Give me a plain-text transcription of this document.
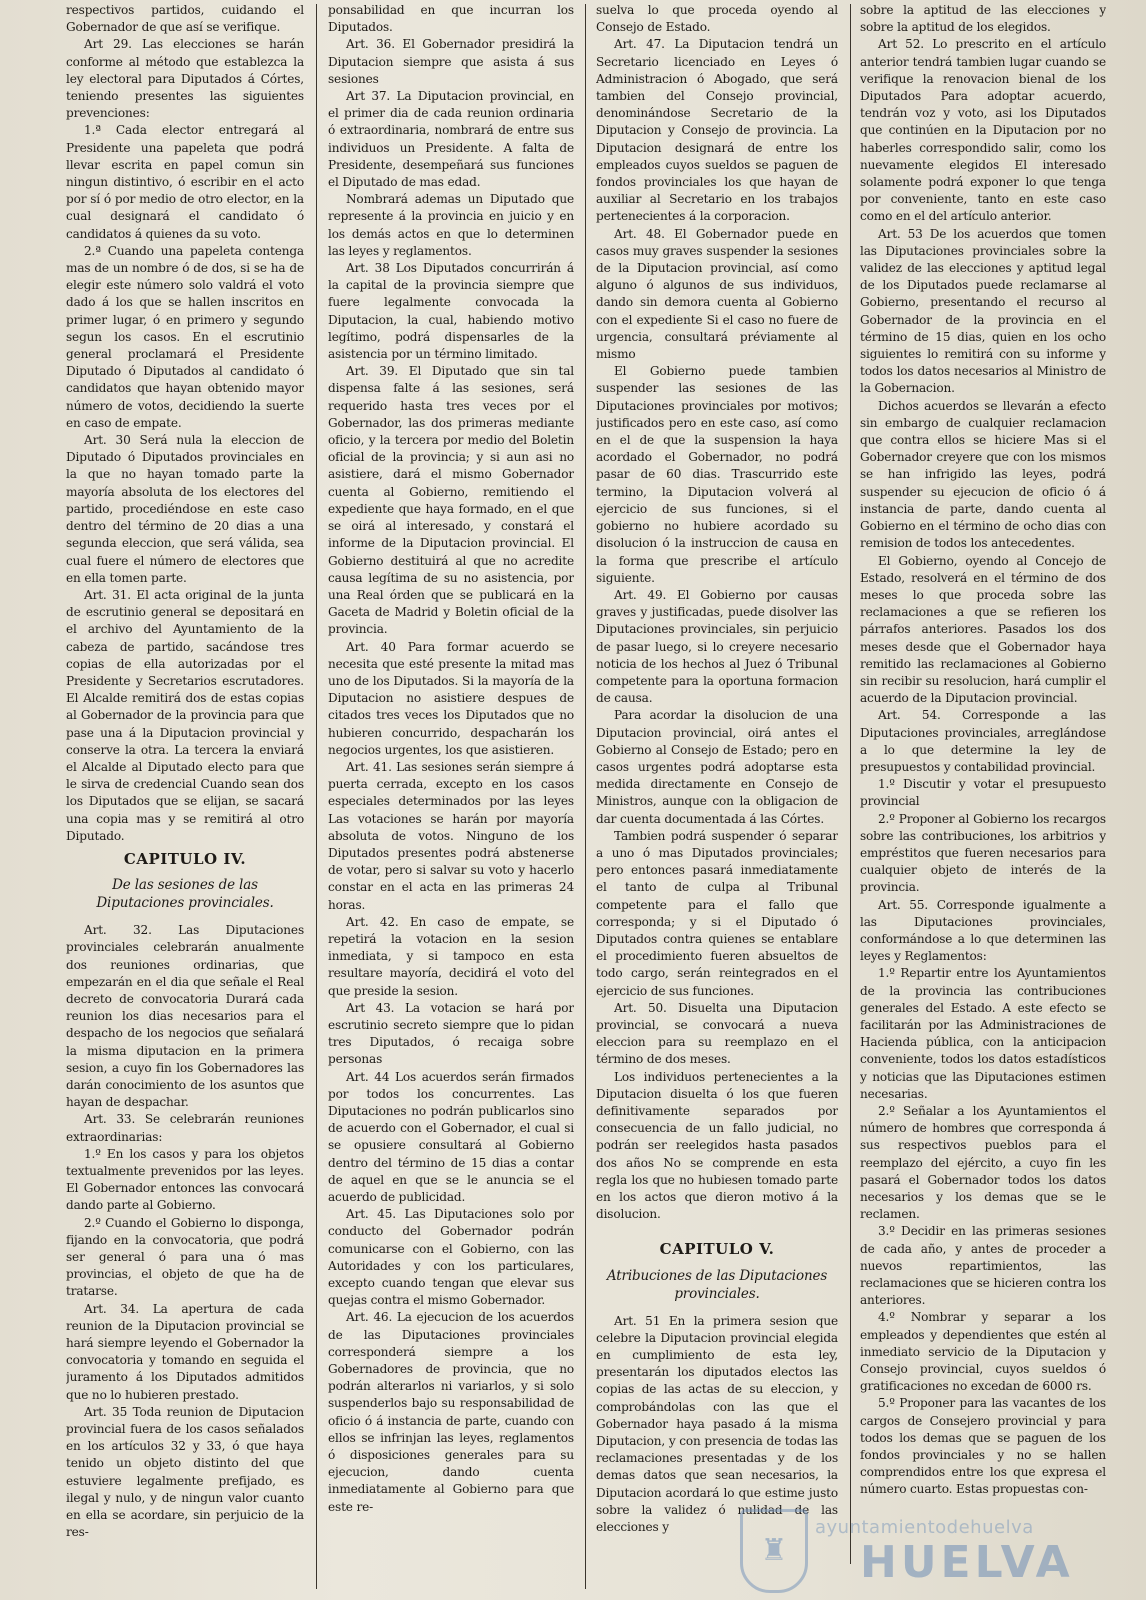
respectivos partidos, cuidando el Gobernador de que así se verifique.

Art 29. Las elecciones se harán conforme al método que establezca la ley electoral para Diputados á Córtes, teniendo presentes las siguientes prevenciones:

1.ª Cada elector entregará al Presidente una papeleta que podrá llevar escrita en papel comun sin ningun distintivo, ó escribir en el acto por sí ó por medio de otro elector, en la cual designará el candidato ó candidatos á quienes da su voto.

2.ª Cuando una papeleta contenga mas de un nombre ó de dos, si se ha de elegir este número solo valdrá el voto dado á los que se hallen inscritos en primer lugar, ó en primero y segundo segun los casos. En el escrutinio general proclamará el Presidente Diputado ó Diputados al candidato ó candidatos que hayan obtenido mayor número de votos, decidiendo la suerte en caso de empate.

Art. 30 Será nula la eleccion de Diputado ó Diputados provinciales en la que no hayan tomado parte la mayoría absoluta de los electores del partido, procediéndose en este caso dentro del término de 20 dias a una segunda eleccion, que será válida, sea cual fuere el número de electores que en ella tomen parte.

Art. 31. El acta original de la junta de escrutinio general se depositará en el archivo del Ayuntamiento de la cabeza de partido, sacándose tres copias de ella autorizadas por el Presidente y Secretarios escrutadores. El Alcalde remitirá dos de estas copias al Gobernador de la provincia para que pase una á la Diputacion provincial y conserve la otra. La tercera la enviará el Alcalde al Diputado electo para que le sirva de credencial Cuando sean dos los Diputados que se elijan, se sacará una copia mas y se remitirá al otro Diputado.

CAPITULO IV.
De las sesiones de las Diputaciones provinciales.

Art. 32. Las Diputaciones provinciales celebrarán anualmente dos reuniones ordinarias, que empezarán en el dia que señale el Real decreto de convocatoria Durará cada reunion los dias necesarios para el despacho de los negocios que señalará la misma diputacion en la primera sesion, a cuyo fin los Gobernadores las darán conocimiento de los asuntos que hayan de despachar.

Art. 33. Se celebrarán reuniones extraordinarias:

1.º En los casos y para los objetos textualmente prevenidos por las leyes. El Gobernador entonces las convocará dando parte al Gobierno.

2.º Cuando el Gobierno lo disponga, fijando en la convocatoria, que podrá ser general ó para una ó mas provincias, el objeto de que ha de tratarse.

Art. 34. La apertura de cada reunion de la Diputacion provincial se hará siempre leyendo el Gobernador la convocatoria y tomando en seguida el juramento á los Diputados admitidos que no lo hubieren prestado.

Art. 35 Toda reunion de Diputacion provincial fuera de los casos señalados en los artículos 32 y 33, ó que haya tenido un objeto distinto del que estuviere legalmente prefijado, es ilegal y nulo, y de ningun valor cuanto en ella se acordare, sin perjuicio de la res-

ponsabilidad en que incurran los Diputados.

Art. 36. El Gobernador presidirá la Diputacion siempre que asista á sus sesiones

Art 37. La Diputacion provincial, en el primer dia de cada reunion ordinaria ó extraordinaria, nombrará de entre sus individuos un Presidente. A falta de Presidente, desempeñará sus funciones el Diputado de mas edad.

Nombrará ademas un Diputado que represente á la provincia en juicio y en los demás actos en que lo determinen las leyes y reglamentos.

Art. 38 Los Diputados concurrirán á la capital de la provincia siempre que fuere legalmente convocada la Diputacion, la cual, habiendo motivo legítimo, podrá dispensarles de la asistencia por un término limitado.

Art. 39. El Diputado que sin tal dispensa falte á las sesiones, será requerido hasta tres veces por el Gobernador, las dos primeras mediante oficio, y la tercera por medio del Boletin oficial de la provincia; y si aun asi no asistiere, dará el mismo Gobernador cuenta al Gobierno, remitiendo el expediente que haya formado, en el que se oirá al interesado, y constará el informe de la Diputacion provincial. El Gobierno destituirá al que no acredite causa legítima de su no asistencia, por una Real órden que se publicará en la Gaceta de Madrid y Boletin oficial de la provincia.

Art. 40 Para formar acuerdo se necesita que esté presente la mitad mas uno de los Diputados. Si la mayoría de la Diputacion no asistiere despues de citados tres veces los Diputados que no hubieren concurrido, despacharán los negocios urgentes, los que asistieren.

Art. 41. Las sesiones serán siempre á puerta cerrada, excepto en los casos especiales determinados por las leyes Las votaciones se harán por mayoría absoluta de votos. Ninguno de los Diputados presentes podrá abstenerse de votar, pero si salvar su voto y hacerlo constar en el acta en las primeras 24 horas.

Art. 42. En caso de empate, se repetirá la votacion en la sesion inmediata, y si tampoco en esta resultare mayoría, decidirá el voto del que preside la sesion.

Art 43. La votacion se hará por escrutinio secreto siempre que lo pidan tres Diputados, ó recaiga sobre personas

Art. 44 Los acuerdos serán firmados por todos los concurrentes. Las Diputaciones no podrán publicarlos sino de acuerdo con el Gobernador, el cual si se opusiere consultará al Gobierno dentro del término de 15 dias a contar de aquel en que se le anuncia se el acuerdo de publicidad.

Art. 45. Las Diputaciones solo por conducto del Gobernador podrán comunicarse con el Gobierno, con las Autoridades y con los particulares, excepto cuando tengan que elevar sus quejas contra el mismo Gobernador.

Art. 46. La ejecucion de los acuerdos de las Diputaciones provinciales corresponderá siempre a los Gobernadores de provincia, que no podrán alterarlos ni variarlos, y si solo suspenderlos bajo su responsabilidad de oficio ó á instancia de parte, cuando con ellos se infrinjan las leyes, reglamentos ó disposiciones generales para su ejecucion, dando cuenta inmediatamente al Gobierno para que este re-

suelva lo que proceda oyendo al Consejo de Estado.

Art. 47. La Diputacion tendrá un Secretario licenciado en Leyes ó Administracion ó Abogado, que será tambien del Consejo provincial, denominándose Secretario de la Diputacion y Consejo de provincia. La Diputacion designará de entre los empleados cuyos sueldos se paguen de fondos provinciales los que hayan de auxiliar al Secretario en los trabajos pertenecientes á la corporacion.

Art. 48. El Gobernador puede en casos muy graves suspender la sesiones de la Diputacion provincial, así como alguno ó algunos de sus individuos, dando sin demora cuenta al Gobierno con el expediente Si el caso no fuere de urgencia, consultará préviamente al mismo

El Gobierno puede tambien suspender las sesiones de las Diputaciones provinciales por motivos; justificados pero en este caso, así como en el de que la suspension la haya acordado el Gobernador, no podrá pasar de 60 dias. Trascurrido este termino, la Diputacion volverá al ejercicio de sus funciones, si el gobierno no hubiere acordado su disolucion ó la instruccion de causa en la forma que prescribe el artículo siguiente.

Art. 49. El Gobierno por causas graves y justificadas, puede disolver las Diputaciones provinciales, sin perjuicio de pasar luego, si lo creyere necesario noticia de los hechos al Juez ó Tribunal competente para la oportuna formacion de causa.

Para acordar la disolucion de una Diputacion provincial, oirá antes el Gobierno al Consejo de Estado; pero en casos urgentes podrá adoptarse esta medida directamente en Consejo de Ministros, aunque con la obligacion de dar cuenta documentada á las Córtes.

Tambien podrá suspender ó separar a uno ó mas Diputados provinciales; pero entonces pasará inmediatamente el tanto de culpa al Tribunal competente para el fallo que corresponda; y si el Diputado ó Diputados contra quienes se entablare el procedimiento fueren absueltos de todo cargo, serán reintegrados en el ejercicio de sus funciones.

Art. 50. Disuelta una Diputacion provincial, se convocará a nueva eleccion para su reemplazo en el término de dos meses.

Los individuos pertenecientes a la Diputacion disuelta ó los que fueren definitivamente separados por consecuencia de un fallo judicial, no podrán ser reelegidos hasta pasados dos años No se comprende en esta regla los que no hubiesen tomado parte en los actos que dieron motivo á la disolucion.

CAPITULO V.
Atribuciones de las Diputaciones provinciales.

Art. 51 En la primera sesion que celebre la Diputacion provincial elegida en cumplimiento de esta ley, presentarán los diputados electos las copias de las actas de su eleccion, y comprobándolas con las que el Gobernador haya pasado á la misma Diputacion, y con presencia de todas las reclamaciones presentadas y de los demas datos que sean necesarios, la Diputacion acordará lo que estime justo sobre la validez ó nulidad de las elecciones y

sobre la aptitud de las elecciones y sobre la aptitud de los elegidos.

Art 52. Lo prescrito en el artículo anterior tendrá tambien lugar cuando se verifique la renovacion bienal de los Diputados Para adoptar acuerdo, tendrán voz y voto, asi los Diputados que continúen en la Diputacion por no haberles correspondido salir, como los nuevamente elegidos El interesado solamente podrá exponer lo que tenga por conveniente, tanto en este caso como en el del artículo anterior.

Art. 53 De los acuerdos que tomen las Diputaciones provinciales sobre la validez de las elecciones y aptitud legal de los Diputados puede reclamarse al Gobierno, presentando el recurso al Gobernador de la provincia en el término de 15 dias, quien en los ocho siguientes lo remitirá con su informe y todos los datos necesarios al Ministro de la Gobernacion.

Dichos acuerdos se llevarán a efecto sin embargo de cualquier reclamacion que contra ellos se hiciere Mas si el Gobernador creyere que con los mismos se han infrigido las leyes, podrá suspender su ejecucion de oficio ó á instancia de parte, dando cuenta al Gobierno en el término de ocho dias con remision de todos los antecedentes.

El Gobierno, oyendo al Concejo de Estado, resolverá en el término de dos meses lo que proceda sobre las reclamaciones a que se refieren los párrafos anteriores. Pasados los dos meses desde que el Gobernador haya remitido las reclamaciones al Gobierno sin recibir su resolucion, hará cumplir el acuerdo de la Diputacion provincial.

Art. 54. Corresponde a las Diputaciones provinciales, arreglándose a lo que determine la ley de presupuestos y contabilidad provincial.

1.º Discutir y votar el presupuesto provincial

2.º Proponer al Gobierno los recargos sobre las contribuciones, los arbitrios y empréstitos que fueren necesarios para cualquier objeto de interés de la provincia.

Art. 55. Corresponde igualmente a las Diputaciones provinciales, conformándose a lo que determinen las leyes y Reglamentos:

1.º Repartir entre los Ayuntamientos de la provincia las contribuciones generales del Estado. A este efecto se facilitarán por las Administraciones de Hacienda pública, con la anticipacion conveniente, todos los datos estadísticos y noticias que las Diputaciones estimen necesarias.

2.º Señalar a los Ayuntamientos el número de hombres que corresponda á sus respectivos pueblos para el reemplazo del ejército, a cuyo fin les pasará el Gobernador todos los datos necesarios y los demas que se le reclamen.

3.º Decidir en las primeras sesiones de cada año, y antes de proceder a nuevos repartimientos, las reclamaciones que se hicieren contra los anteriores.

4.º Nombrar y separar a los empleados y dependientes que estén al inmediato servicio de la Diputacion y Consejo provincial, cuyos sueldos ó gratificaciones no excedan de 6000 rs.

5.º Proponer para las vacantes de los cargos de Consejero provincial y para todos los demas que se paguen de los fondos provinciales y no se hallen comprendidos entre los que expresa el número cuarto. Estas propuestas con-

♜
ayuntamientodehuelva
HUELVA
